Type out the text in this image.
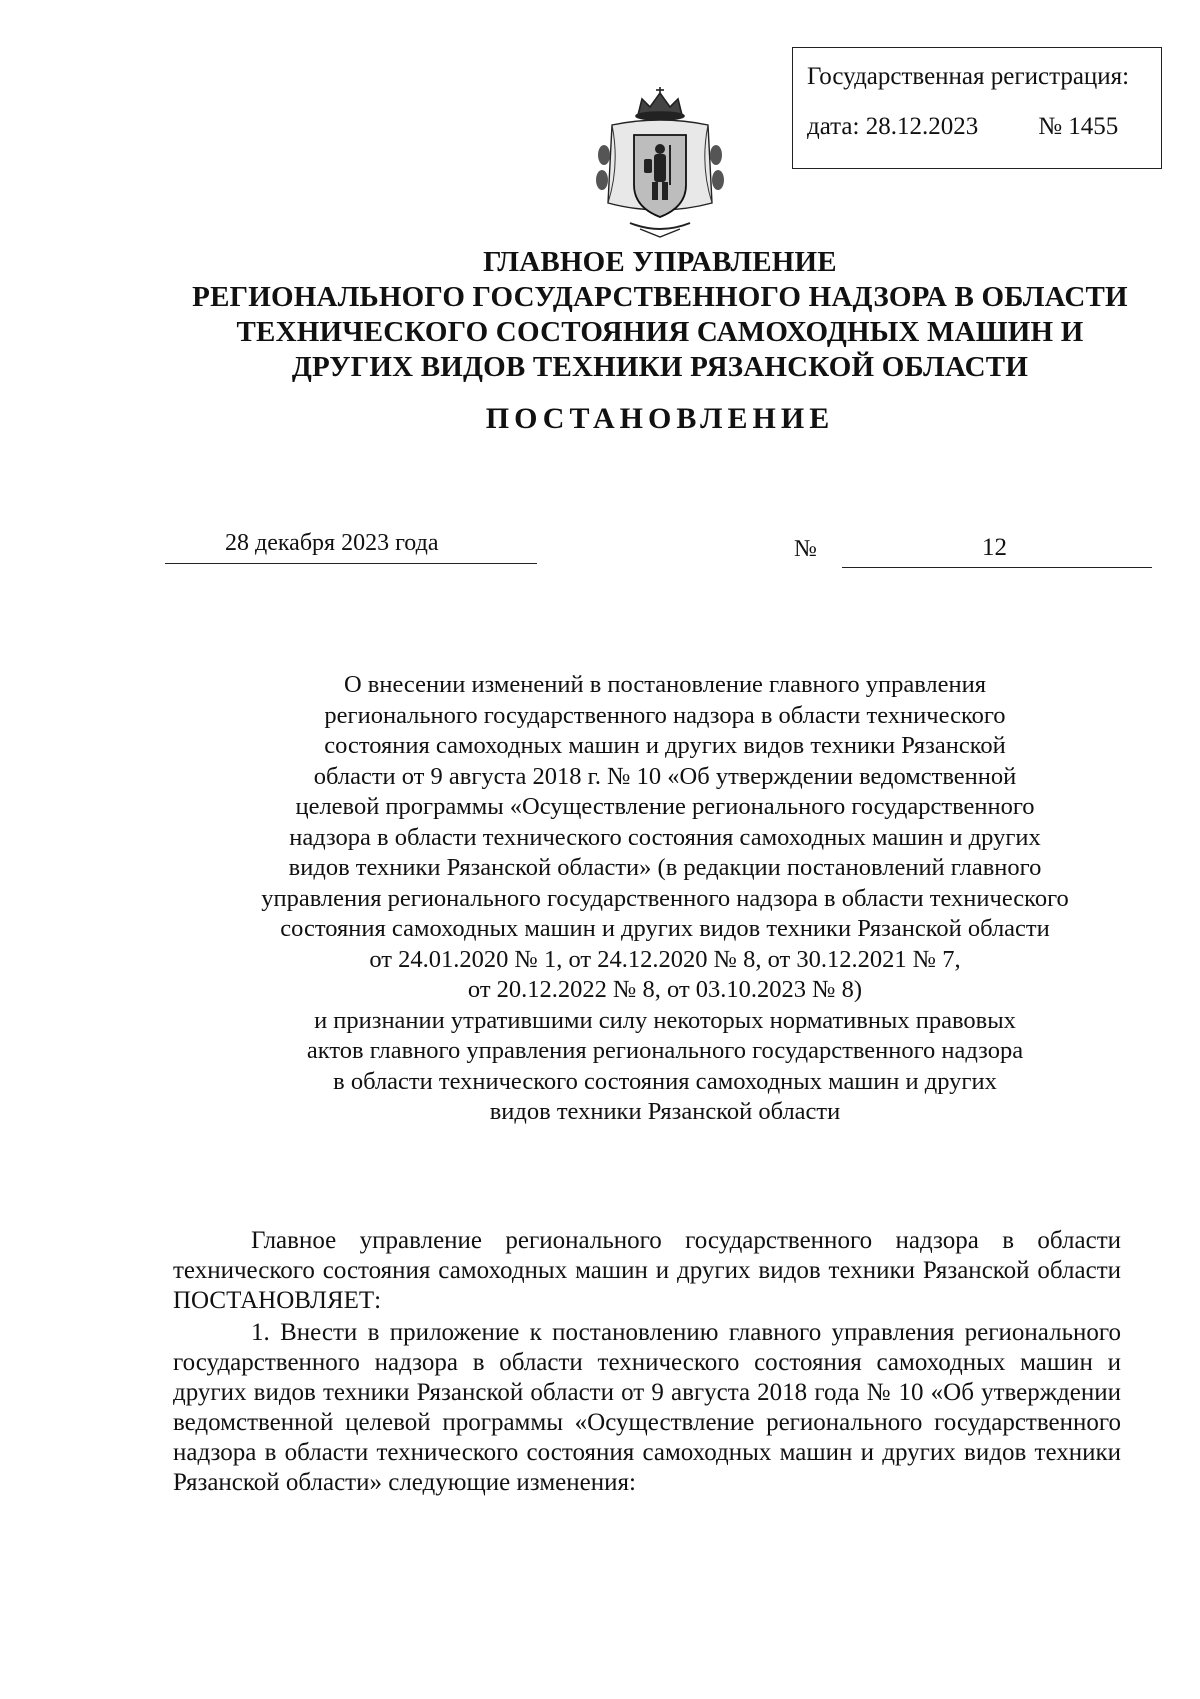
Государственная регистрация:
дата: 28.12.2023 № 1455
ГЛАВНОЕ УПРАВЛЕНИЕ
РЕГИОНАЛЬНОГО ГОСУДАРСТВЕННОГО НАДЗОРА В ОБЛАСТИ
ТЕХНИЧЕСКОГО СОСТОЯНИЯ САМОХОДНЫХ МАШИН И
ДРУГИХ ВИДОВ ТЕХНИКИ РЯЗАНСКОЙ ОБЛАСТИ
ПОСТАНОВЛЕНИЕ
28 декабря 2023 года	№	12
О внесении изменений в постановление главного управления
регионального государственного надзора в области технического
состояния самоходных машин и других видов техники Рязанской
области от 9 августа 2018 г. № 10 «Об утверждении ведомственной
целевой программы «Осуществление регионального государственного
надзора в области технического состояния самоходных машин и других
видов техники Рязанской области» (в редакции постановлений главного
управления регионального государственного надзора в области технического
состояния самоходных машин и других видов техники Рязанской области
от 24.01.2020 № 1, от 24.12.2020 № 8, от 30.12.2021 № 7,
от 20.12.2022 № 8, от 03.10.2023 № 8)
и признании утратившими силу некоторых нормативных правовых
актов главного управления регионального государственного надзора
в области технического состояния самоходных машин и других
видов техники Рязанской области

Главное управление регионального государственного надзора в области технического состояния самоходных машин и других видов техники Рязанской области ПОСТАНОВЛЯЕТ:

1. Внести в приложение к постановлению главного управления регионального государственного надзора в области технического состояния самоходных машин и других видов техники Рязанской области от 9 августа 2018 года № 10 «Об утверждении ведомственной целевой программы «Осуществление регионального государственного надзора в области технического состояния самоходных машин и других видов техники Рязанской области» следующие изменения:
